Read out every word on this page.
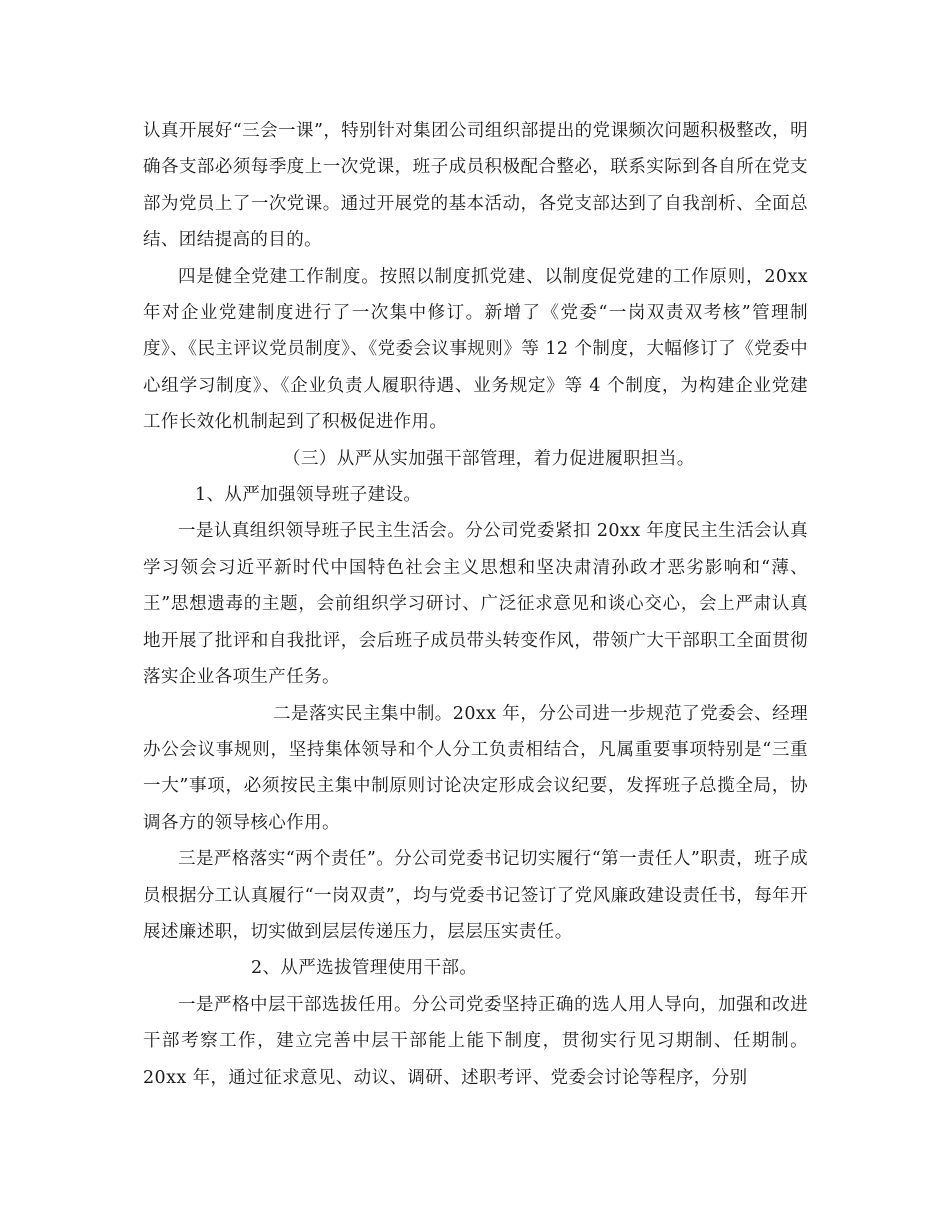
认真开展好“三会一课”，特别针对集团公司组织部提出的党课频次问题积极整改，明确各支部必须每季度上一次党课，班子成员积极配合整必，联系实际到各自所在党支部为党员上了一次党课。通过开展党的基本活动，各党支部达到了自我剖析、全面总结、团结提高的目的。

四是健全党建工作制度。按照以制度抓党建、以制度促党建的工作原则，20xx 年对企业党建制度进行了一次集中修订。新增了《党委“一岗双责双考核”管理制度》、《民主评议党员制度》、《党委会议事规则》等 12 个制度，大幅修订了《党委中心组学习制度》、《企业负责人履职待遇、业务规定》等 4 个制度，为构建企业党建工作长效化机制起到了积极促进作用。

（三）从严从实加强干部管理，着力促进履职担当。

1、从严加强领导班子建设。

一是认真组织领导班子民主生活会。分公司党委紧扣 20xx 年度民主生活会认真学习领会习近平新时代中国特色社会主义思想和坚决肃清孙政才恶劣影响和“薄、王”思想遗毒的主题，会前组织学习研讨、广泛征求意见和谈心交心，会上严肃认真地开展了批评和自我批评，会后班子成员带头转变作风，带领广大干部职工全面贯彻落实企业各项生产任务。

二是落实民主集中制。20xx 年，分公司进一步规范了党委会、经理办公会议事规则，坚持集体领导和个人分工负责相结合，凡属重要事项特别是“三重一大”事项，必须按民主集中制原则讨论决定形成会议纪要，发挥班子总揽全局，协调各方的领导核心作用。

三是严格落实“两个责任”。分公司党委书记切实履行“第一责任人”职责，班子成员根据分工认真履行“一岗双责”，均与党委书记签订了党风廉政建设责任书，每年开展述廉述职，切实做到层层传递压力，层层压实责任。

2、从严选拔管理使用干部。

一是严格中层干部选拔任用。分公司党委坚持正确的选人用人导向，加强和改进干部考察工作，建立完善中层干部能上能下制度，贯彻实行见习期制、任期制。20xx 年，通过征求意见、动议、调研、述职考评、党委会讨论等程序，分别
